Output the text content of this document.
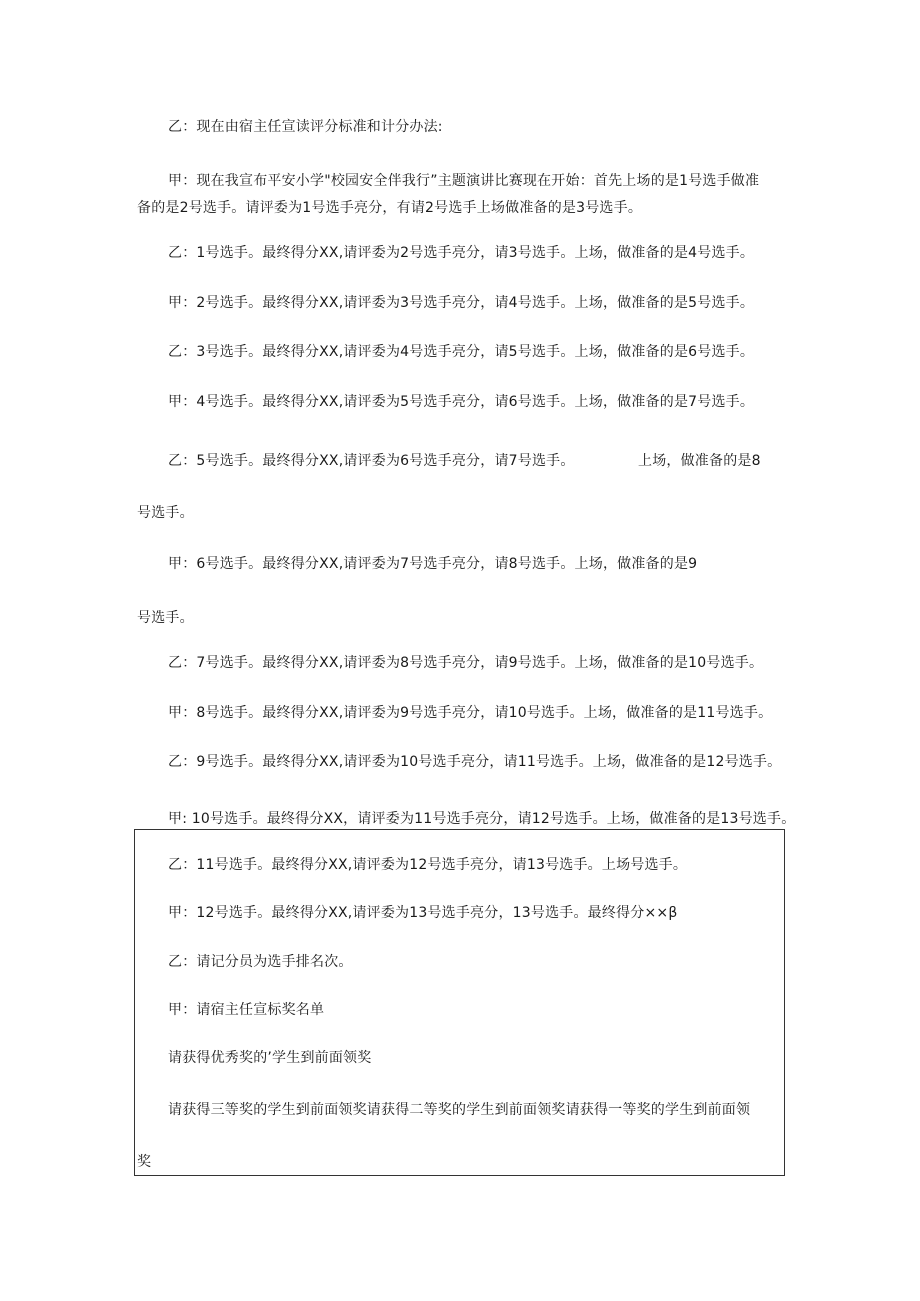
乙：现在由宿主任宣读评分标准和计分办法:
甲：现在我宣布平安小学"校园安全伴我行”主题演讲比赛现在开始：首先上场的是1号选手做准
备的是2号选手。请评委为1号选手亮分，有请2号选手上场做准备的是3号选手。
乙：1号选手。最终得分XX,请评委为2号选手亮分，请3号选手。上场，做准备的是4号选手。
甲：2号选手。最终得分XX,请评委为3号选手亮分，请4号选手。上场，做准备的是5号选手。
乙：3号选手。最终得分XX,请评委为4号选手亮分，请5号选手。上场，做准备的是6号选手。
甲：4号选手。最终得分XX,请评委为5号选手亮分，请6号选手。上场，做准备的是7号选手。
乙：5号选手。最终得分XX,请评委为6号选手亮分，请7号选手。	上场，做准备的是8
号选手。
甲：6号选手。最终得分XX,请评委为7号选手亮分，请8号选手。上场，做准备的是9
号选手。
乙：7号选手。最终得分XX,请评委为8号选手亮分，请9号选手。上场，做准备的是10号选手。
甲：8号选手。最终得分XX,请评委为9号选手亮分，请10号选手。上场，做准备的是11号选手。
乙：9号选手。最终得分XX,请评委为10号选手亮分，请11号选手。上场，做准备的是12号选手。
甲: 10号选手。最终得分XX，请评委为11号选手亮分，请12号选手。上场，做准备的是13号选手。
乙：11号选手。最终得分XX,请评委为12号选手亮分，请13号选手。上场号选手。
甲：12号选手。最终得分XX,请评委为13号选手亮分，13号选手。最终得分××β
乙：请记分员为选手排名次。
甲：请宿主任宣标奖名单
请获得优秀奖的’学生到前面领奖
请获得三等奖的学生到前面领奖请获得二等奖的学生到前面领奖请获得一等奖的学生到前面领
奖
